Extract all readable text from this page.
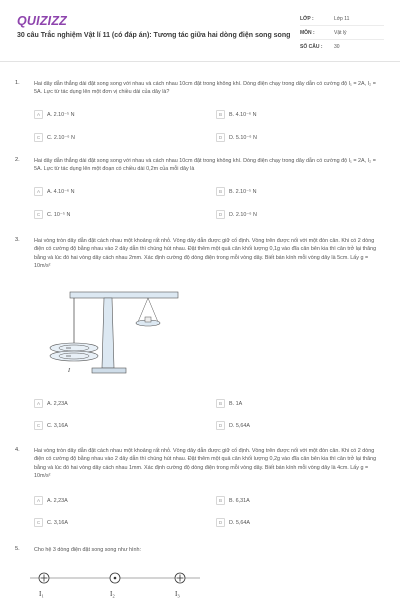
QUIZIZZ
30 câu Trắc nghiệm Vật lí 11 (có đáp án): Tương tác giữa hai dòng điện song song
LỚP :	Lớp 11
MÔN :	Vật lý
SỐ CÂU :	30
1.	Hai dây dẫn thẳng dài đặt song song với nhau và cách nhau 10cm đặt trong không khí. Dòng điện chạy trong dây dẫn có cường độ I₁ = 2A, I₂ = 5A. Lực từ tác dụng lên một đơn vị chiều dài của dây là?
A	A. 2.10⁻⁵ N	B	B. 4.10⁻⁶ N
C	C. 2.10⁻⁶ N	D	D. 5.10⁻⁶ N
2.	Hai dây dẫn thẳng dài đặt song song với nhau và cách nhau 10cm đặt trong không khí. Dòng điện chạy trong dây dẫn có cường độ I₁ = 2A, I₂ = 5A. Lực từ tác dụng lên một đoạn có chiều dài 0,2m của mỗi dây là
A	A. 4.10⁻⁶ N	B	B. 2.10⁻⁵ N
C	C. 10⁻⁵ N	D	D. 2.10⁻⁶ N
3.	Hai vòng tròn dây dẫn đặt cách nhau một khoảng rất nhỏ. Vòng dây dẫn được giữ cố định. Vòng trên được nối với một đòn cân. Khi có 2 dòng điện có cường độ bằng nhau vào 2 dây dẫn thì chúng hút nhau. Đặt thêm một quả cân khối lượng 0,1g vào đĩa cân bên kia thì cân trở lại thăng bằng và lúc đó hai vòng dây cách nhau 2mm. Xác định cường độ dòng điện trong mỗi vòng dây. Biết bán kính mỗi vòng dây là 5cm. Lấy g = 10m/s²
A	A. 2,23A	B	B. 1A
C	C. 3,16A	D	D. 5,64A
I
4.	Hai vòng tròn dây dẫn đặt cách nhau một khoảng rất nhỏ. Vòng dây dẫn được giữ cố định. Vòng trên được nối với một đòn cân. Khi có 2 dòng điện có cường độ bằng nhau vào 2 dây dẫn thì chúng hút nhau. Đặt thêm một quả cân khối lượng 0,2g vào đĩa cân bên kia thì cân trở lại thăng bằng và lúc đó hai vòng dây cách nhau 1mm. Xác định cường độ dòng điện trong mỗi vòng dây. Biết bán kính mỗi vòng dây là 4cm. Lấy g = 10m/s²
A	A. 2,23A	B	B. 6,31A
C	C. 3,16A	D	D. 5,64A
5.	Cho hệ 3 dòng điện đặt song song như hình:
I₁	I₂	I₃
